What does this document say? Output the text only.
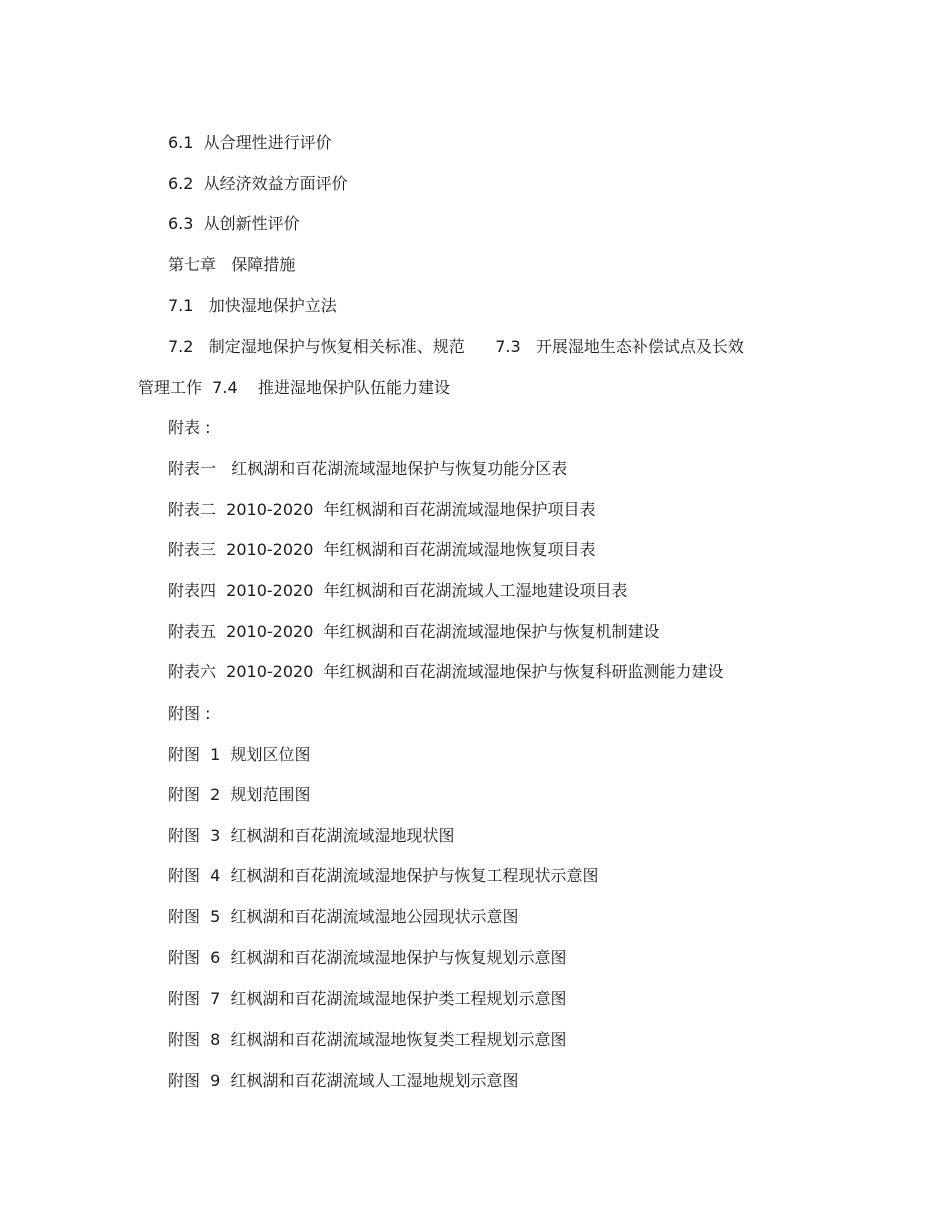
6.1  从合理性进行评价
6.2  从经济效益方面评价
6.3  从创新性评价
第七章   保障措施
7.1   加快湿地保护立法
7.2   制定湿地保护与恢复相关标准、规范      7.3   开展湿地生态补偿试点及长效
管理工作  7.4    推进湿地保护队伍能力建设
附表 :
附表一   红枫湖和百花湖流域湿地保护与恢复功能分区表
附表二  2010-2020  年红枫湖和百花湖流域湿地保护项目表
附表三  2010-2020  年红枫湖和百花湖流域湿地恢复项目表
附表四  2010-2020  年红枫湖和百花湖流域人工湿地建设项目表
附表五  2010-2020  年红枫湖和百花湖流域湿地保护与恢复机制建设
附表六  2010-2020  年红枫湖和百花湖流域湿地保护与恢复科研监测能力建设
附图 :
附图  1  规划区位图
附图  2  规划范围图
附图  3  红枫湖和百花湖流域湿地现状图
附图  4  红枫湖和百花湖流域湿地保护与恢复工程现状示意图
附图  5  红枫湖和百花湖流域湿地公园现状示意图
附图  6  红枫湖和百花湖流域湿地保护与恢复规划示意图
附图  7  红枫湖和百花湖流域湿地保护类工程规划示意图
附图  8  红枫湖和百花湖流域湿地恢复类工程规划示意图
附图  9  红枫湖和百花湖流域人工湿地规划示意图
